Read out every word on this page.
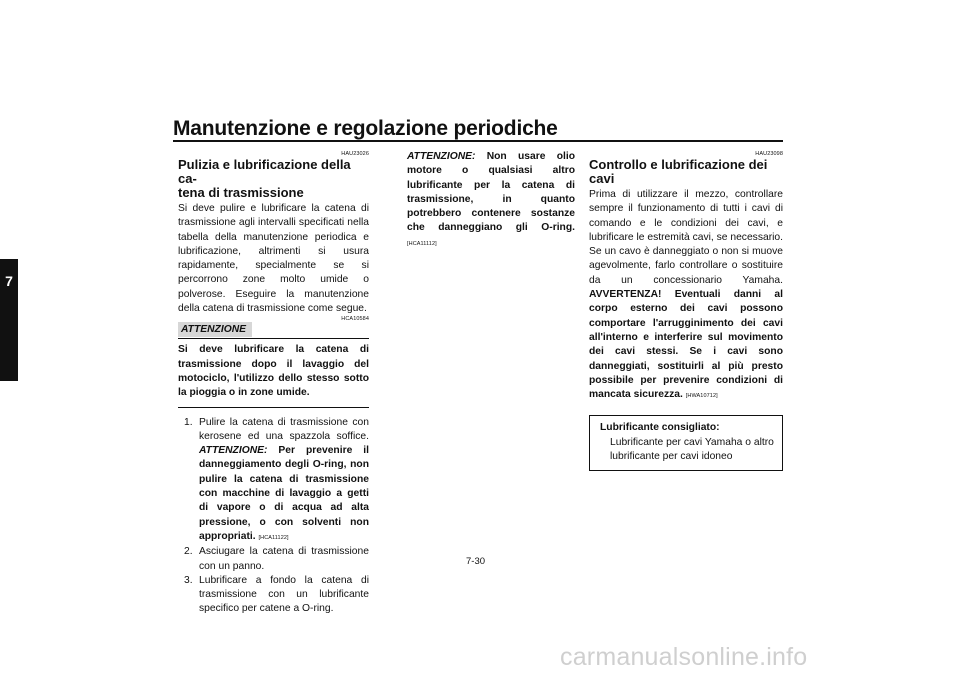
Manutenzione e regolazione periodiche
7
HAU23026
Pulizia e lubrificazione della ca-
tena di trasmissione

Si deve pulire e lubrificare la catena di trasmissione agli intervalli specificati nella tabella della manutenzione periodica e lubrificazione, altrimenti si usura rapidamente, specialmente se si percorrono zone molto umide o polverose. Eseguire la manutenzione della catena di trasmissione come segue.

ATTENZIONE
HCA10584

Si deve lubrificare la catena di trasmissione dopo il lavaggio del motociclo, l'utilizzo dello stesso sotto la pioggia o in zone umide.

1. Pulire la catena di trasmissione con kerosene ed una spazzola soffice. ATTENZIONE: Per prevenire il danneggiamento degli O-ring, non pulire la catena di trasmissione con macchine di lavaggio a getti di vapore o di acqua ad alta pressione, o con solventi non appropriati. [HCA11122]
2. Asciugare la catena di trasmissione con un panno.
3. Lubrificare a fondo la catena di trasmissione con un lubrificante specifico per catene a O-ring.

ATTENZIONE: Non usare olio motore o qualsiasi altro lubrificante per la catena di trasmissione, in quanto potrebbero contenere sostanze che danneggiano gli O-ring. [HCA11112]

HAU23098
Controllo e lubrificazione dei cavi

Prima di utilizzare il mezzo, controllare sempre il funzionamento di tutti i cavi di comando e le condizioni dei cavi, e lubrificare le estremità cavi, se necessario. Se un cavo è danneggiato o non si muove agevolmente, farlo controllare o sostituire da un concessionario Yamaha. AVVERTENZA! Eventuali danni al corpo esterno dei cavi possono comportare l'arrugginimento dei cavi all'interno e interferire sul movimento dei cavi stessi. Se i cavi sono danneggiati, sostituirli al più presto possibile per prevenire condizioni di mancata sicurezza. [HWA10712]

Lubrificante consigliato:
Lubrificante per cavi Yamaha o altro lubrificante per cavi idoneo
7-30
carmanualsonline.info
